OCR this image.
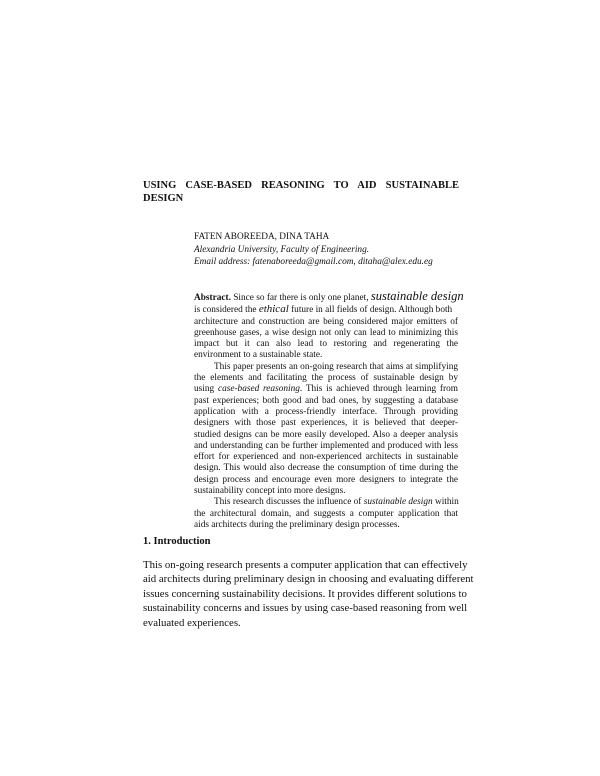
USING CASE-BASED REASONING TO AID SUSTAINABLE
DESIGN
FATEN ABOREEDA, DINA TAHA
Alexandria University, Faculty of Engineering.
Email address: fatenaboreeda@gmail.com, ditaha@alex.edu.eg
Abstract. Since so far there is only one planet, sustainable design
is considered the ethical future in all fields of design. Although both
architecture and construction are being considered major emitters of
greenhouse gases, a wise design not only can lead to minimizing this
impact but it can also lead to restoring and regenerating the
environment to a sustainable state.
This paper presents an on-going research that aims at simplifying
the elements and facilitating the process of sustainable design by
using case-based reasoning. This is achieved through learning from
past experiences; both good and bad ones, by suggesting a database
application with a process-friendly interface. Through providing
designers with those past experiences, it is believed that deeper-
studied designs can be more easily developed. Also a deeper analysis
and understanding can be further implemented and produced with less
effort for experienced and non-experienced architects in sustainable
design. This would also decrease the consumption of time during the
design process and encourage even more designers to integrate the
sustainability concept into more designs.
This research discusses the influence of sustainable design within
the architectural domain, and suggests a computer application that
aids architects during the preliminary design processes.
1. Introduction
This on-going research presents a computer application that can effectively
aid architects during preliminary design in choosing and evaluating different
issues concerning sustainability decisions. It provides different solutions to
sustainability concerns and issues by using case-based reasoning from well
evaluated experiences.
